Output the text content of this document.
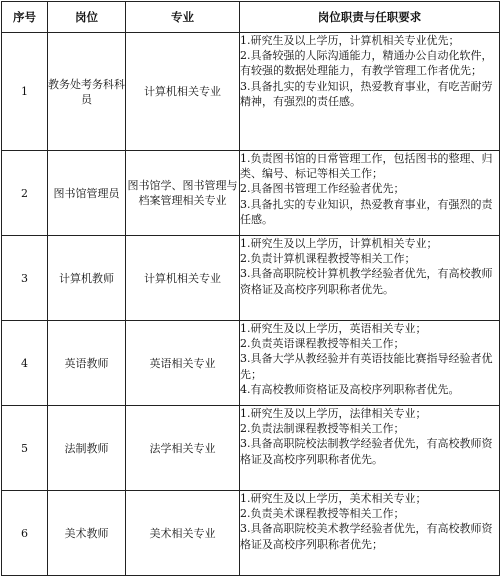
序号	岗位	专业	岗位职责与任职要求
1	教务处考务科科员	计算机相关专业	1.研究生及以上学历，计算机相关专业优先；
2.具备较强的人际沟通能力，精通办公自动化软件，有较强的数据处理能力，有教学管理工作者优先；
3.具备扎实的专业知识，热爱教育事业，有吃苦耐劳精神，有强烈的责任感。

2	图书馆管理员	图书馆学、图书管理与档案管理相关专业	1.负责图书馆的日常管理工作，包括图书的整理、归类、编号、标记等相关工作；
2.具备图书管理工作经验者优先；
3.具备扎实的专业知识，热爱教育事业，有强烈的责任感。

3	计算机教师	计算机相关专业	1.研究生及以上学历，计算机相关专业；
2.负责计算机课程教授等相关工作；
3.具备高职院校计算机教学经验者优先，有高校教师资格证及高校序列职称者优先。

4	英语教师	英语相关专业	1.研究生及以上学历，英语相关专业；
2.负责英语课程教授等相关工作；
3.具备大学从教经验并有英语技能比赛指导经验者优先；
4.有高校教师资格证及高校序列职称者优先。

5	法制教师	法学相关专业	1.研究生及以上学历，法律相关专业；
2.负责法制课程教授等相关工作；
3.具备高职院校法制教学经验者优先，有高校教师资格证及高校序列职称者优先。

6	美术教师	美术相关专业	1.研究生及以上学历，美术相关专业；
2.负责美术课程教授等相关工作；
3.具备高职院校美术教学经验者优先，有高校教师资格证及高校序列职称者优先；
